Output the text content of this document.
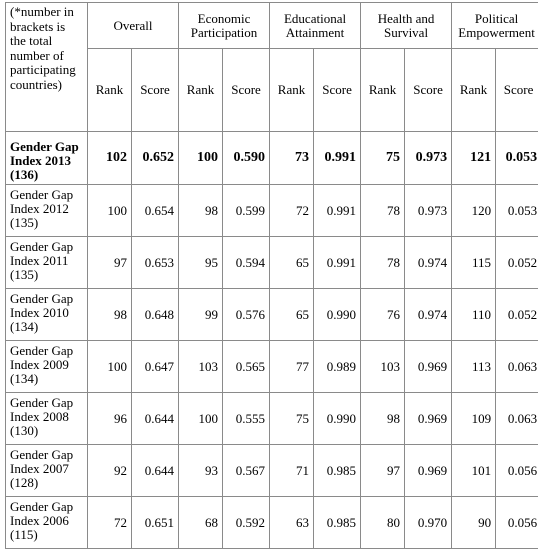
(*number in brackets is the total number of participating countries)	Overall		Economic Participation		Educational Attainment		Health and Survival		Political Empowerment	
	Rank	Score	Rank	Score	Rank	Score	Rank	Score	Rank	Score
Gender Gap Index 2013 (136)	102	0.652	100	0.590	73	0.991	75	0.973	121	0.053
Gender Gap Index 2012 (135)	100	0.654	98	0.599	72	0.991	78	0.973	120	0.053
Gender Gap Index 2011 (135)	97	0.653	95	0.594	65	0.991	78	0.974	115	0.052
Gender Gap Index 2010 (134)	98	0.648	99	0.576	65	0.990	76	0.974	110	0.052
Gender Gap Index 2009 (134)	100	0.647	103	0.565	77	0.989	103	0.969	113	0.063
Gender Gap Index 2008 (130)	96	0.644	100	0.555	75	0.990	98	0.969	109	0.063
Gender Gap Index 2007 (128)	92	0.644	93	0.567	71	0.985	97	0.969	101	0.056
Gender Gap Index 2006 (115)	72	0.651	68	0.592	63	0.985	80	0.970	90	0.056
